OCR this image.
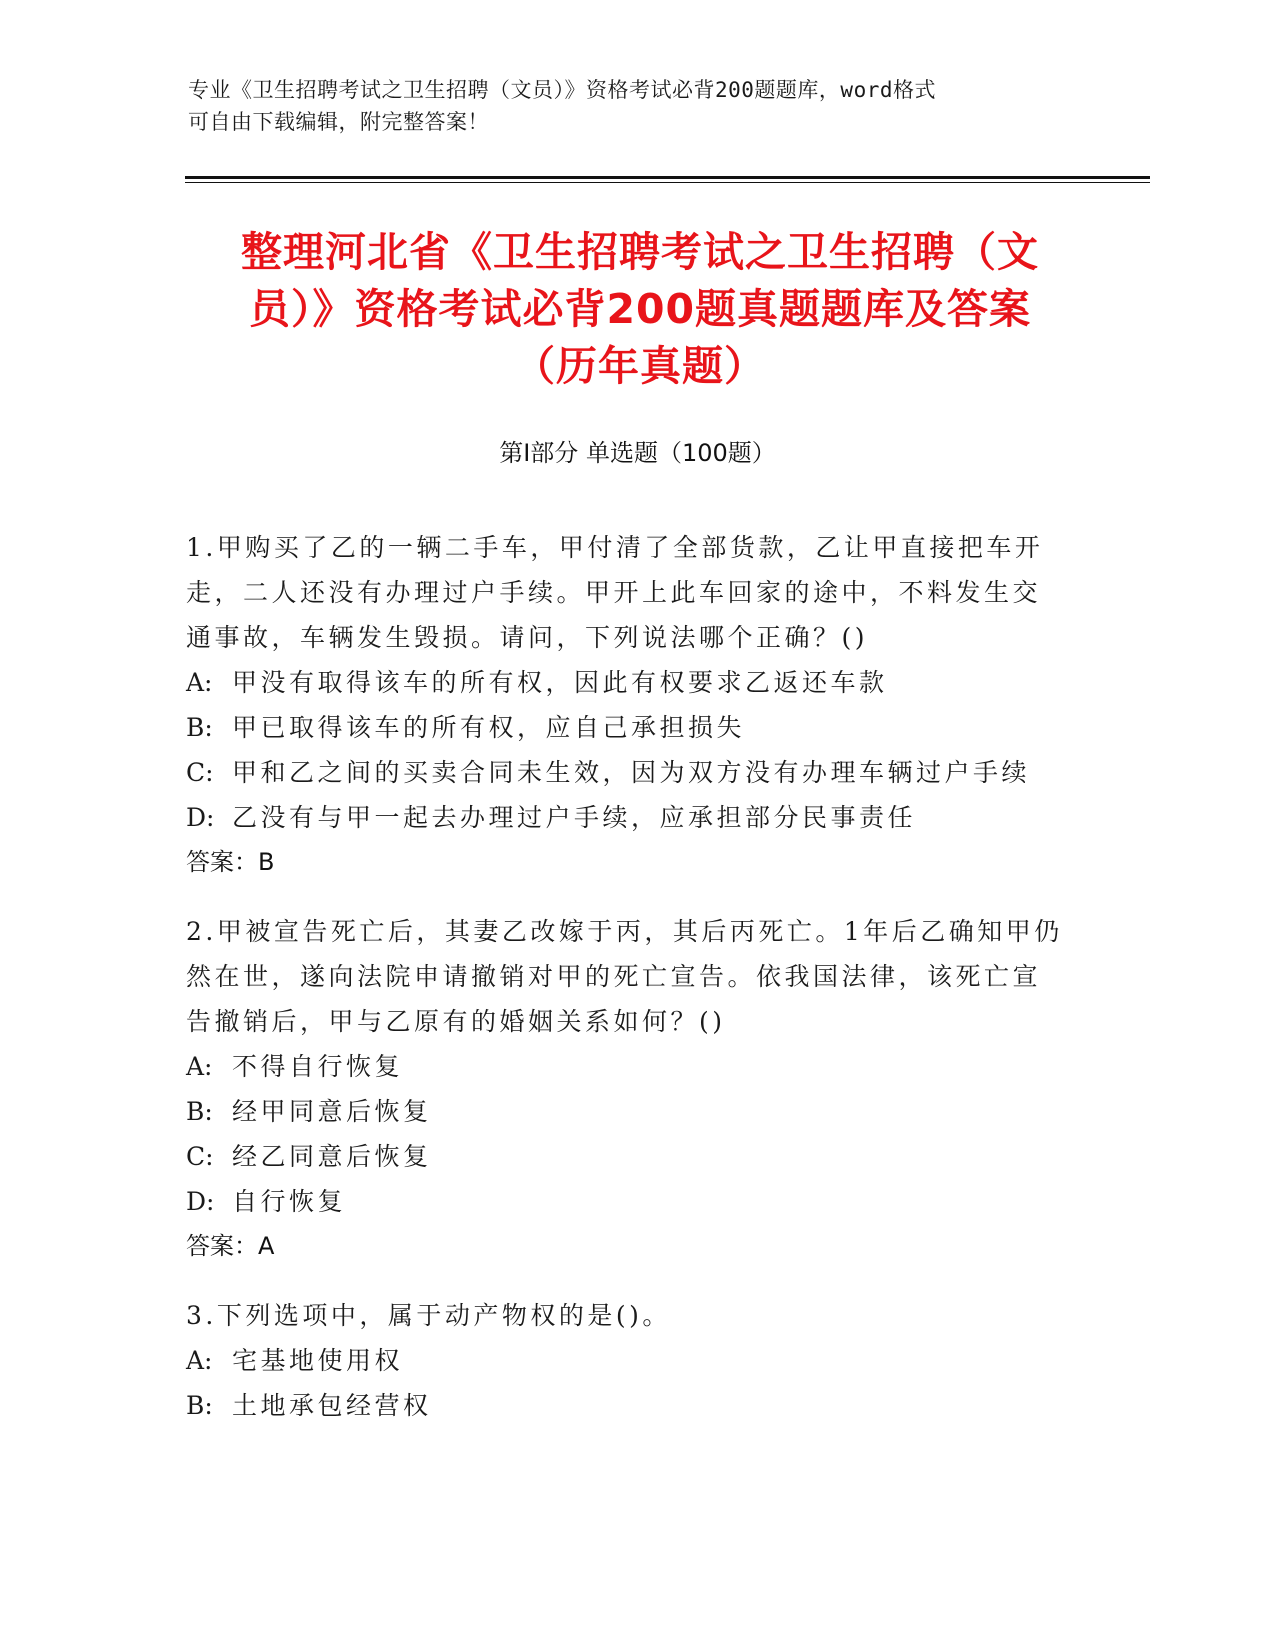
专业《卫生招聘考试之卫生招聘（文员）》资格考试必背200题题库，word格式
可自由下载编辑，附完整答案！
整理河北省《卫生招聘考试之卫生招聘（文
员）》资格考试必背200题真题题库及答案
（历年真题）
第Ⅰ部分 单选题（100题）
1.甲购买了乙的一辆二手车，甲付清了全部货款，乙让甲直接把车开
走，二人还没有办理过户手续。甲开上此车回家的途中，不料发生交
通事故，车辆发生毁损。请问，下列说法哪个正确？()
A: 甲没有取得该车的所有权，因此有权要求乙返还车款
B: 甲已取得该车的所有权，应自己承担损失
C: 甲和乙之间的买卖合同未生效，因为双方没有办理车辆过户手续
D: 乙没有与甲一起去办理过户手续，应承担部分民事责任
答案：B
2.甲被宣告死亡后，其妻乙改嫁于丙，其后丙死亡。1年后乙确知甲仍
然在世，遂向法院申请撤销对甲的死亡宣告。依我国法律，该死亡宣
告撤销后，甲与乙原有的婚姻关系如何？()
A: 不得自行恢复
B: 经甲同意后恢复
C: 经乙同意后恢复
D: 自行恢复
答案：A
3.下列选项中，属于动产物权的是()。
A: 宅基地使用权
B: 土地承包经营权
